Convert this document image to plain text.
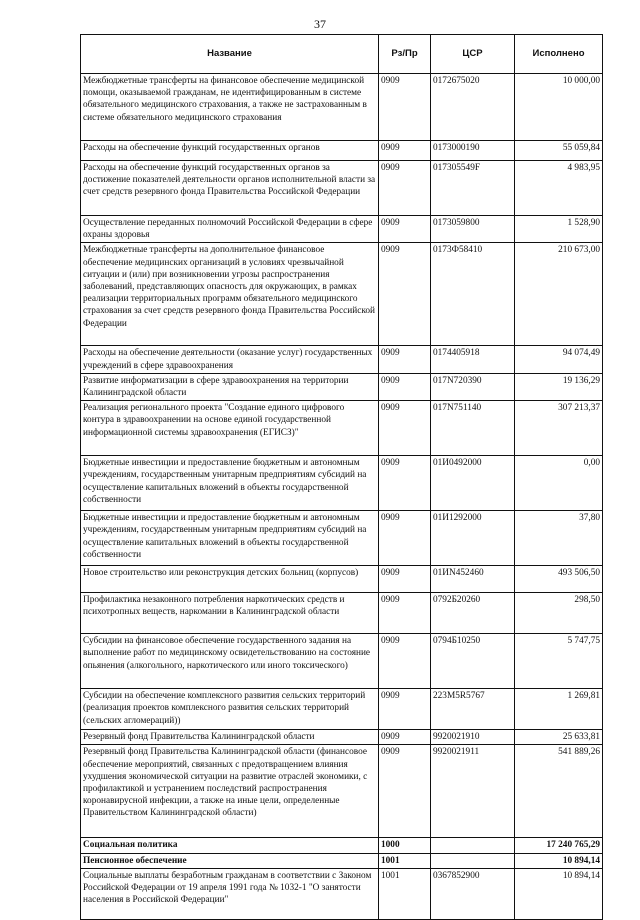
37
Название	Рз/Пр	ЦСР	Исполнено
Межбюджетные трансферты на финансовое обеспечение медицинской помощи, оказываемой гражданам, не идентифицированным в системе обязательного медицинского страхования, а также не застрахованным в системе обязательного медицинского страхования	0909	0172675020	10 000,00
Расходы на обеспечение функций государственных органов	0909	0173000190	55 059,84
Расходы на обеспечение функций государственных органов за достижение показателей деятельности органов исполнительной власти за счет средств резервного фонда Правительства Российской Федерации	0909	017305549F	4 983,95
Осуществление переданных полномочий Российской Федерации в сфере охраны здоровья	0909	0173059800	1 528,90
Межбюджетные трансферты на дополнительное финансовое обеспечение медицинских организаций в условиях чрезвычайной ситуации и (или) при возникновении угрозы распространения заболеваний, представляющих опасность для окружающих, в рамках реализации территориальных программ обязательного медицинского страхования за счет средств резервного фонда Правительства Российской Федерации	0909	0173Ф58410	210 673,00
Расходы на обеспечение деятельности (оказание услуг) государственных учреждений в сфере здравоохранения	0909	0174405918	94 074,49
Развитие информатизации в сфере здравоохранения на территории Калининградской области	0909	017N720390	19 136,29
Реализация регионального проекта "Создание единого цифрового контура в здравоохранении на основе единой государственной информационной системы здравоохранения (ЕГИСЗ)"	0909	017N751140	307 213,37
Бюджетные инвестиции и предоставление бюджетным и автономным учреждениям, государственным унитарным предприятиям субсидий на осуществление капитальных вложений в объекты государственной собственности	0909	01И0492000	0,00
Бюджетные инвестиции и предоставление бюджетным и автономным учреждениям, государственным унитарным предприятиям субсидий на осуществление капитальных вложений в объекты государственной собственности	0909	01И1292000	37,80
Новое строительство или реконструкция детских больниц (корпусов)	0909	01ИN452460	493 506,50
Профилактика незаконного потребления наркотических средств и психотропных веществ, наркомании в Калининградской области	0909	0792Б20260	298,50
Субсидии на финансовое обеспечение государственного задания на выполнение работ по медицинскому освидетельствованию на состояние опьянения (алкогольного, наркотического или иного токсического)	0909	0794Б10250	5 747,75
Субсидии на обеспечение комплексного развития сельских территорий (реализация проектов комплексного развития сельских территорий (сельских агломераций))	0909	223M5R5767	1 269,81
Резервный фонд Правительства Калининградской области	0909	9920021910	25 633,81
Резервный фонд Правительства Калининградской области (финансовое обеспечение мероприятий, связанных с предотвращением влияния ухудшения экономической ситуации на развитие отраслей экономики, с профилактикой и устранением последствий распространения коронавирусной инфекции, а также на иные цели, определенные Правительством Калининградской области)	0909	9920021911	541 889,26
Социальная политика	1000		17 240 765,29
Пенсионное обеспечение	1001		10 894,14
Социальные выплаты безработным гражданам в соответствии с Законом Российской Федерации от 19 апреля 1991 года № 1032-1 "О занятости населения в Российской Федерации"	1001	0367852900	10 894,14
